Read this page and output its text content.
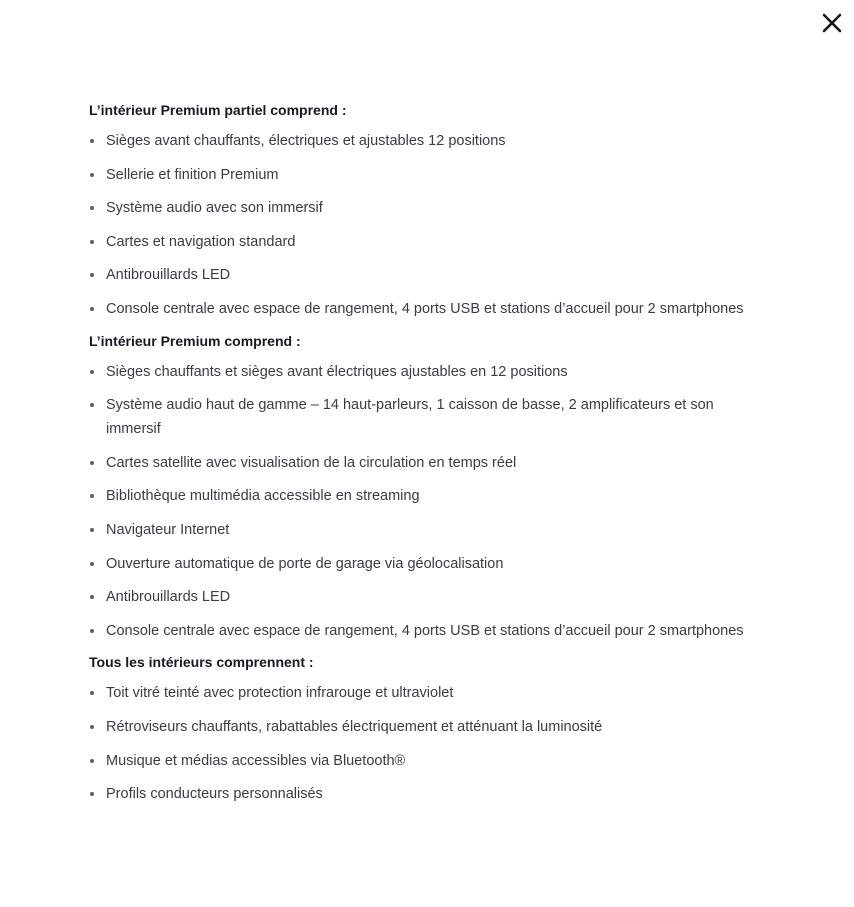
L’intérieur Premium partiel comprend :
Sièges avant chauffants, électriques et ajustables 12 positions
Sellerie et finition Premium
Système audio avec son immersif
Cartes et navigation standard
Antibrouillards LED
Console centrale avec espace de rangement, 4 ports USB et stations d’accueil pour 2 smartphones
L’intérieur Premium comprend :
Sièges chauffants et sièges avant électriques ajustables en 12 positions
Système audio haut de gamme – 14 haut-parleurs, 1 caisson de basse, 2 amplificateurs et son immersif
Cartes satellite avec visualisation de la circulation en temps réel
Bibliothèque multimédia accessible en streaming
Navigateur Internet
Ouverture automatique de porte de garage via géolocalisation
Antibrouillards LED
Console centrale avec espace de rangement, 4 ports USB et stations d’accueil pour 2 smartphones
Tous les intérieurs comprennent :
Toit vitré teinté avec protection infrarouge et ultraviolet
Rétroviseurs chauffants, rabattables électriquement et atténuant la luminosité
Musique et médias accessibles via Bluetooth®
Profils conducteurs personnalisés
